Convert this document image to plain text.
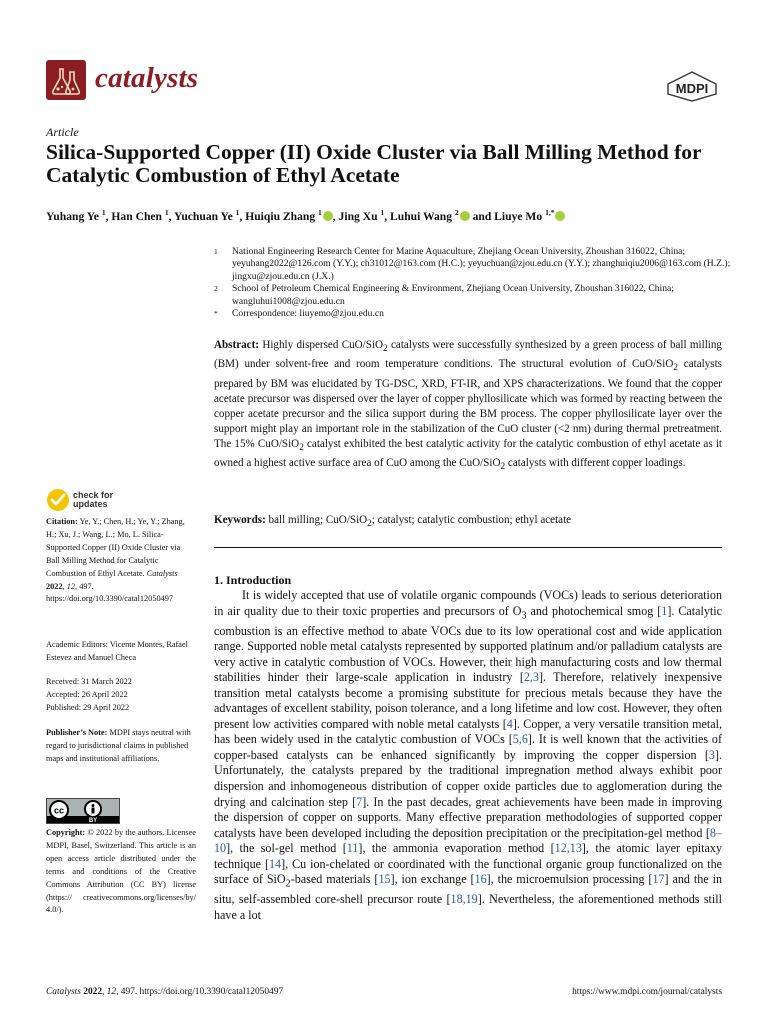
catalysts	MDPI
Article
Silica-Supported Copper (II) Oxide Cluster via Ball Milling Method for Catalytic Combustion of Ethyl Acetate
Yuhang Ye $^1$, Han Chen $^1$, Yuchuan Ye $^1$, Huiqiu Zhang $^1$ , Jing Xu $^1$, Luhui Wang $^2$ and Liuye Mo $^{1,*}$
1	National Engineering Research Center for Marine Aquaculture, Zhejiang Ocean University, Zhoushan 316022, China; yeyuhang2022@126.com (Y.Y.); ch31012@163.com (H.C.); yeyuchuan@zjou.edu.cn (Y.Y.); zhanghuiqiu2006@163.com (H.Z.); jingxu@zjou.edu.cn (J.X.)
2	School of Petroleum Chemical Engineering & Environment, Zhejiang Ocean University, Zhoushan 316022, China; wangluhui1008@zjou.edu.cn
*	Correspondence: liuyemo@zjou.edu.cn
Abstract: Highly dispersed CuO/SiO$_2$ catalysts were successfully synthesized by a green process of ball milling (BM) under solvent-free and room temperature conditions. The structural evolution of CuO/SiO$_2$ catalysts prepared by BM was elucidated by TG-DSC, XRD, FT-IR, and XPS characterizations. We found that the copper acetate precursor was dispersed over the layer of copper phyllosilicate which was formed by reacting between the copper acetate precursor and the silica support during the BM process. The copper phyllosilicate layer over the support might play an important role in the stabilization of the CuO cluster (<2 nm) during thermal pretreatment. The 15% CuO/SiO$_2$ catalyst exhibited the best catalytic activity for the catalytic combustion of ethyl acetate as it owned a highest active surface area of CuO among the CuO/SiO$_2$ catalysts with different copper loadings.
Keywords: ball milling; CuO/SiO$_2$; catalyst; catalytic combustion; ethyl acetate
check for
updates
Citation: Ye, Y.; Chen, H.; Ye, Y.; Zhang, H.; Xu, J.; Wang, L.; Mo, L. Silica-Supported Copper (II) Oxide Cluster via Ball Milling Method for Catalytic Combustion of Ethyl Acetate. Catalysts 2022, 12, 497. https://doi.org/10.3390/catal12050497
Academic Editors: Vicente Montes, Rafael Estevez and Manuel Checa
Received: 31 March 2022
Accepted: 26 April 2022
Published: 29 April 2022
Publisher’s Note: MDPI stays neutral with regard to jurisdictional claims in published maps and institutional affiliations.
cc
BY
Copyright: © 2022 by the authors. Licensee MDPI, Basel, Switzerland. This article is an open access article distributed under the terms and conditions of the Creative Commons Attribution (CC BY) license (https:// creativecommons.org/licenses/by/ 4.0/).
1. Introduction
It is widely accepted that use of volatile organic compounds (VOCs) leads to serious deterioration in air quality due to their toxic properties and precursors of $O_3$ and photochemical smog [1]. Catalytic combustion is an effective method to abate VOCs due to its low operational cost and wide application range. Supported noble metal catalysts represented by supported platinum and/or palladium catalysts are very active in catalytic combustion of VOCs. However, their high manufacturing costs and low thermal stabilities hinder their large-scale application in industry [2,3]. Therefore, relatively inexpensive transition metal catalysts become a promising substitute for precious metals because they have the advantages of excellent stability, poison tolerance, and a long lifetime and low cost. However, they often present low activities compared with noble metal catalysts [4]. Copper, a very versatile transition metal, has been widely used in the catalytic combustion of VOCs [5,6]. It is well known that the activities of copper-based catalysts can be enhanced significantly by improving the copper dispersion [3]. Unfortunately, the catalysts prepared by the traditional impregnation method always exhibit poor dispersion and inhomogeneous distribution of copper oxide particles due to agglomeration during the drying and calcination step [7]. In the past decades, great achievements have been made in improving the dispersion of copper on supports. Many effective preparation methodologies of supported copper catalysts have been developed including the deposition precipitation or the precipitation-gel method [8–10], the sol-gel method [11], the ammonia evaporation method [12,13], the atomic layer epitaxy technique [14], Cu ion-chelated or coordinated with the functional organic group functionalized on the surface of SiO$_2$-based materials [15], ion exchange [16], the microemulsion processing [17] and the in situ, self-assembled core-shell precursor route [18,19]. Nevertheless, the aforementioned methods still have a lot
Catalysts 2022, 12, 497. https://doi.org/10.3390/catal12050497	https://www.mdpi.com/journal/catalysts
